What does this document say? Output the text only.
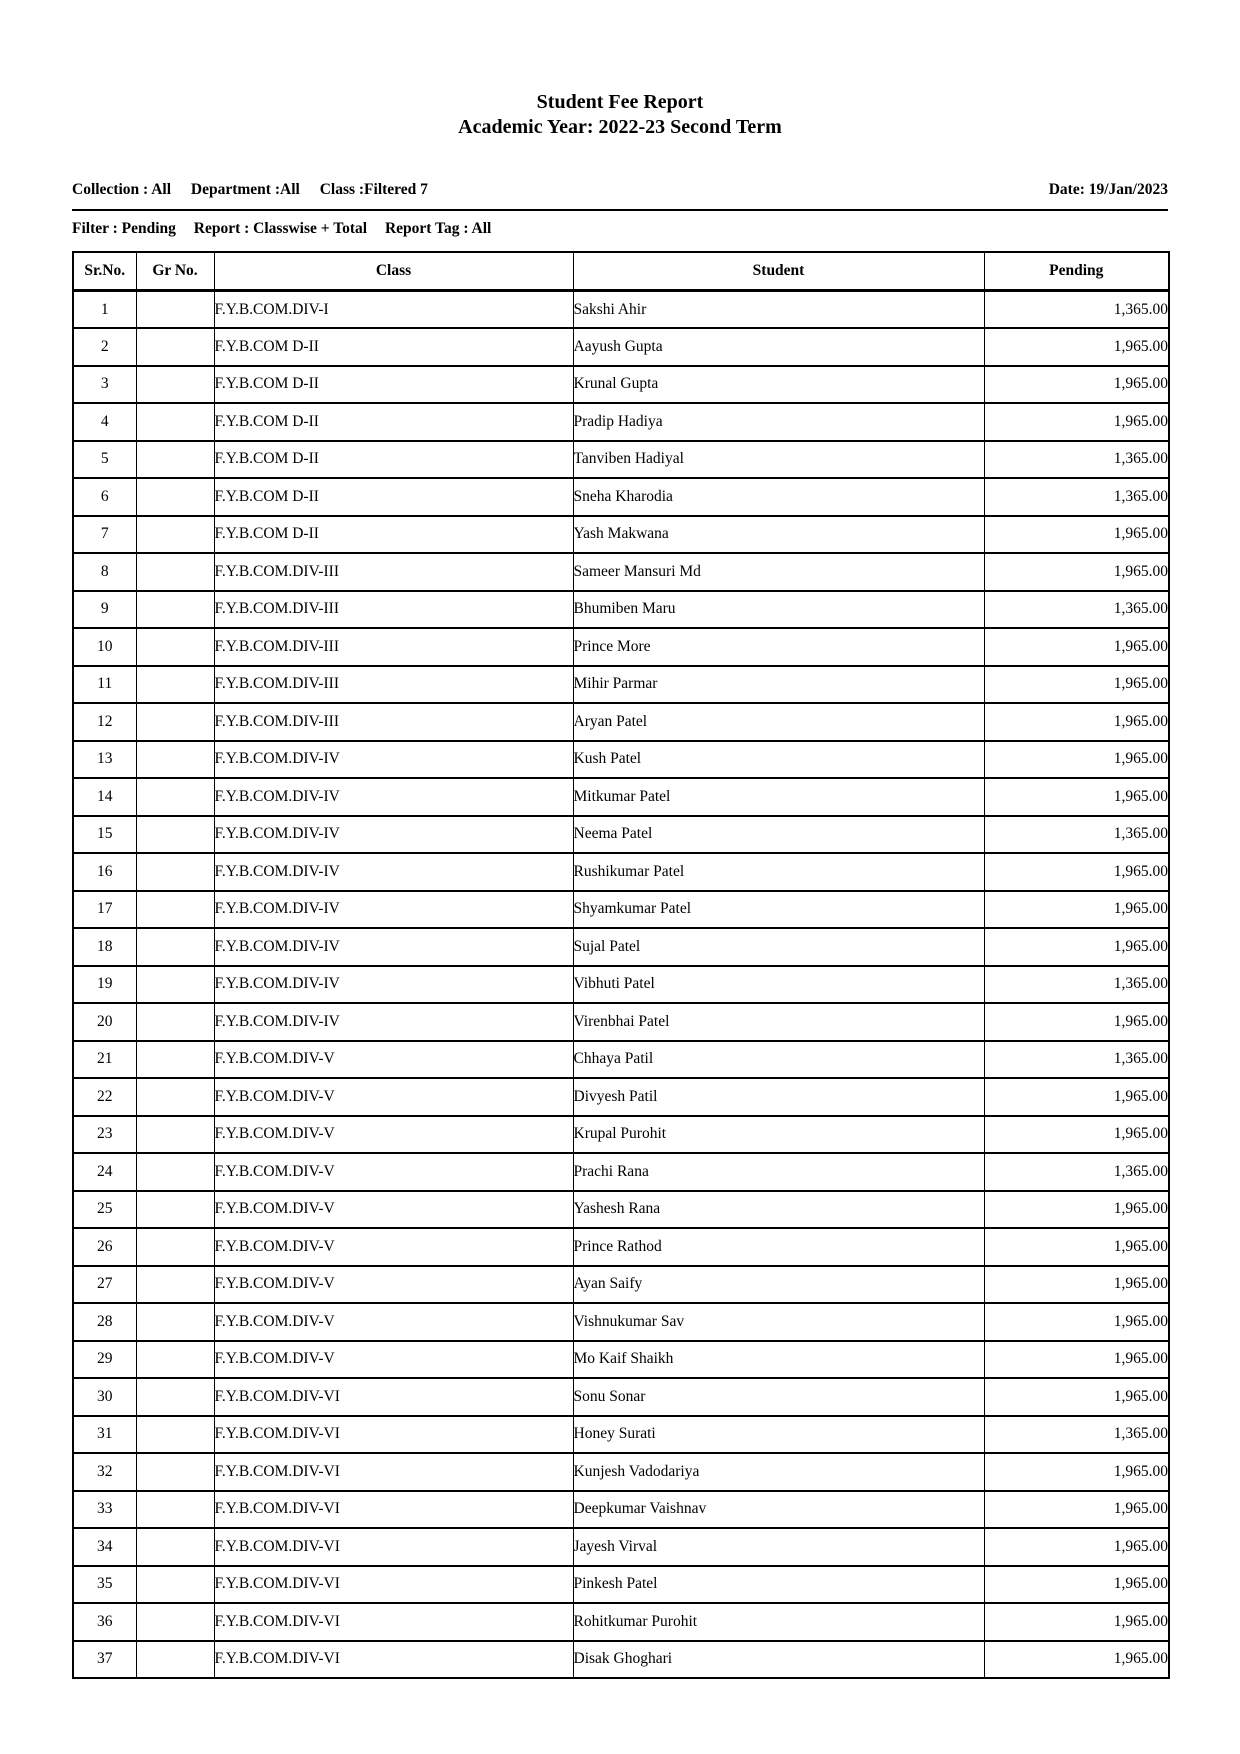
Student Fee Report
Academic Year: 2022-23 Second Term
Collection : All Department :All Class :Filtered 7	Date: 19/Jan/2023
Filter : Pending Report : Classwise + Total Report Tag : All
Sr.No.	Gr No.	Class	Student	Pending
1		F.Y.B.COM.DIV-I	Sakshi Ahir	1,365.00
2		F.Y.B.COM D-II	Aayush Gupta	1,965.00
3		F.Y.B.COM D-II	Krunal Gupta	1,965.00
4		F.Y.B.COM D-II	Pradip Hadiya	1,965.00
5		F.Y.B.COM D-II	Tanviben Hadiyal	1,365.00
6		F.Y.B.COM D-II	Sneha Kharodia	1,365.00
7		F.Y.B.COM D-II	Yash Makwana	1,965.00
8		F.Y.B.COM.DIV-III	Sameer Mansuri Md	1,965.00
9		F.Y.B.COM.DIV-III	Bhumiben Maru	1,365.00
10		F.Y.B.COM.DIV-III	Prince More	1,965.00
11		F.Y.B.COM.DIV-III	Mihir Parmar	1,965.00
12		F.Y.B.COM.DIV-III	Aryan Patel	1,965.00
13		F.Y.B.COM.DIV-IV	Kush Patel	1,965.00
14		F.Y.B.COM.DIV-IV	Mitkumar Patel	1,965.00
15		F.Y.B.COM.DIV-IV	Neema Patel	1,365.00
16		F.Y.B.COM.DIV-IV	Rushikumar Patel	1,965.00
17		F.Y.B.COM.DIV-IV	Shyamkumar Patel	1,965.00
18		F.Y.B.COM.DIV-IV	Sujal Patel	1,965.00
19		F.Y.B.COM.DIV-IV	Vibhuti Patel	1,365.00
20		F.Y.B.COM.DIV-IV	Virenbhai Patel	1,965.00
21		F.Y.B.COM.DIV-V	Chhaya Patil	1,365.00
22		F.Y.B.COM.DIV-V	Divyesh Patil	1,965.00
23		F.Y.B.COM.DIV-V	Krupal Purohit	1,965.00
24		F.Y.B.COM.DIV-V	Prachi Rana	1,365.00
25		F.Y.B.COM.DIV-V	Yashesh Rana	1,965.00
26		F.Y.B.COM.DIV-V	Prince Rathod	1,965.00
27		F.Y.B.COM.DIV-V	Ayan Saify	1,965.00
28		F.Y.B.COM.DIV-V	Vishnukumar Sav	1,965.00
29		F.Y.B.COM.DIV-V	Mo Kaif Shaikh	1,965.00
30		F.Y.B.COM.DIV-VI	Sonu Sonar	1,965.00
31		F.Y.B.COM.DIV-VI	Honey Surati	1,365.00
32		F.Y.B.COM.DIV-VI	Kunjesh Vadodariya	1,965.00
33		F.Y.B.COM.DIV-VI	Deepkumar Vaishnav	1,965.00
34		F.Y.B.COM.DIV-VI	Jayesh Virval	1,965.00
35		F.Y.B.COM.DIV-VI	Pinkesh Patel	1,965.00
36		F.Y.B.COM.DIV-VI	Rohitkumar Purohit	1,965.00
37		F.Y.B.COM.DIV-VI	Disak Ghoghari	1,965.00
